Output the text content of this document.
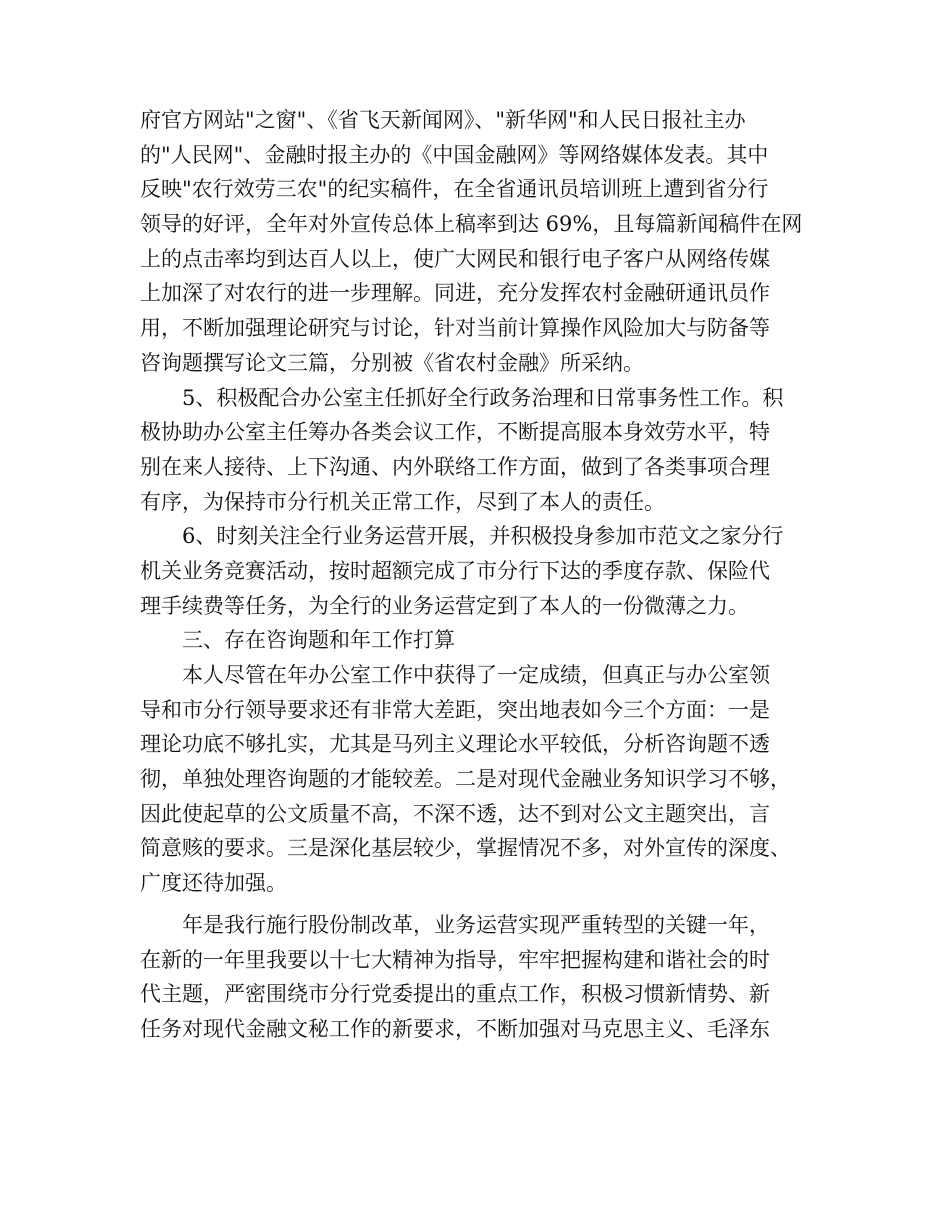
府官方网站"之窗"、《省飞天新闻网》、"新华网"和人民日报社主办
的"人民网"、金融时报主办的《中国金融网》等网络媒体发表。其中
反映"农行效劳三农"的纪实稿件，在全省通讯员培训班上遭到省分行
领导的好评，全年对外宣传总体上稿率到达 69%，且每篇新闻稿件在网
上的点击率均到达百人以上，使广大网民和银行电子客户从网络传媒
上加深了对农行的进一步理解。同进，充分发挥农村金融研通讯员作
用，不断加强理论研究与讨论，针对当前计算操作风险加大与防备等
咨询题撰写论文三篇，分别被《省农村金融》所采纳。
5、积极配合办公室主任抓好全行政务治理和日常事务性工作。积
极协助办公室主任筹办各类会议工作，不断提高服本身效劳水平，特
别在来人接待、上下沟通、内外联络工作方面，做到了各类事项合理
有序，为保持市分行机关正常工作，尽到了本人的责任。
6、时刻关注全行业务运营开展，并积极投身参加市范文之家分行
机关业务竞赛活动，按时超额完成了市分行下达的季度存款、保险代
理手续费等任务，为全行的业务运营定到了本人的一份微薄之力。
三、存在咨询题和年工作打算
本人尽管在年办公室工作中获得了一定成绩，但真正与办公室领
导和市分行领导要求还有非常大差距，突出地表如今三个方面：一是
理论功底不够扎实，尤其是马列主义理论水平较低，分析咨询题不透
彻，单独处理咨询题的才能较差。二是对现代金融业务知识学习不够，
因此使起草的公文质量不高，不深不透，达不到对公文主题突出，言
简意赅的要求。三是深化基层较少，掌握情况不多，对外宣传的深度、
广度还待加强。
年是我行施行股份制改革，业务运营实现严重转型的关键一年，
在新的一年里我要以十七大精神为指导，牢牢把握构建和谐社会的时
代主题，严密围绕市分行党委提出的重点工作，积极习惯新情势、新
任务对现代金融文秘工作的新要求，不断加强对马克思主义、毛泽东
